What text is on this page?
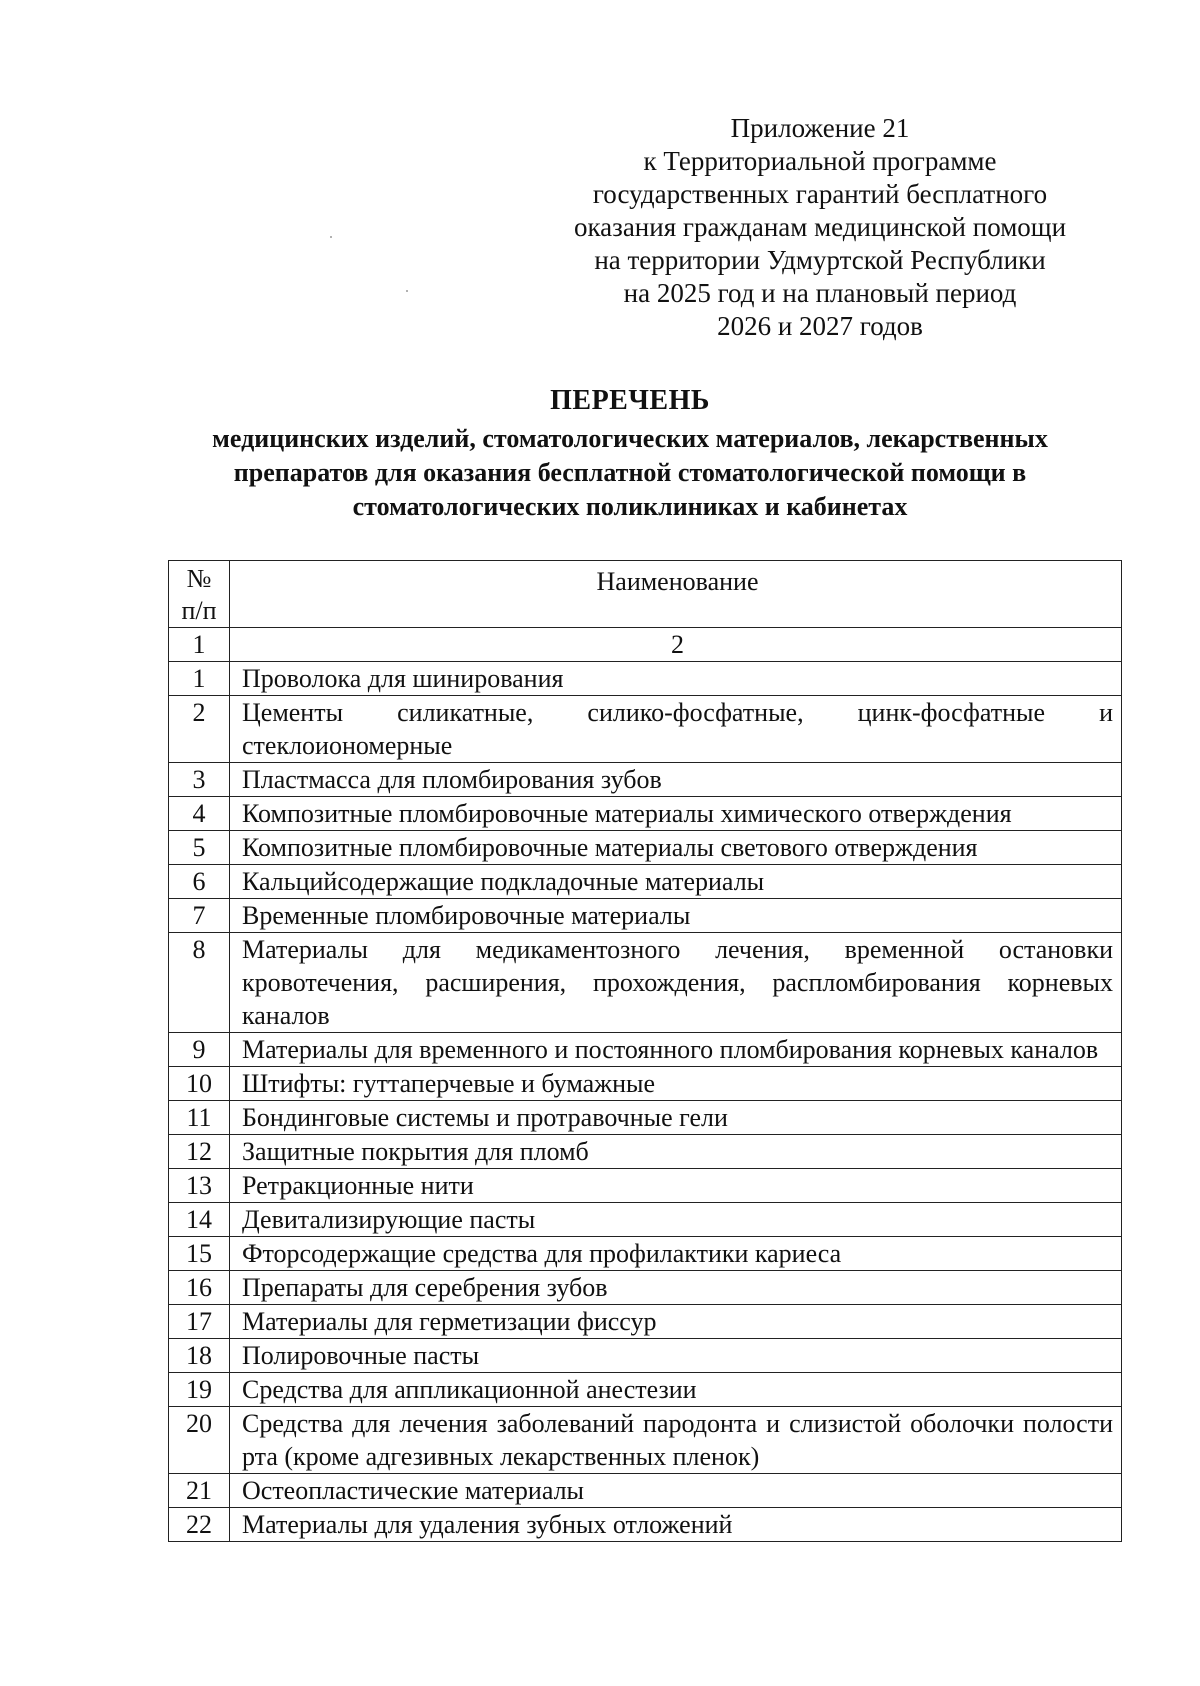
Приложение 21
к Территориальной программе
государственных гарантий бесплатного
оказания гражданам медицинской помощи
на территории Удмуртской Республики
на 2025 год и на плановый период
2026 и 2027 годов
ПЕРЕЧЕНЬ
медицинских изделий, стоматологических материалов, лекарственных
препаратов для оказания бесплатной стоматологической помощи в
стоматологических поликлиниках и кабинетах
№
п/п	Наименование
1	2
1	Проволока для шинирования
2	Цементы силикатные, силико-фосфатные, цинк-фосфатные и стеклоиономерные
3	Пластмасса для пломбирования зубов
4	Композитные пломбировочные материалы химического отверждения
5	Композитные пломбировочные материалы светового отверждения
6	Кальцийсодержащие подкладочные материалы
7	Временные пломбировочные материалы
8	Материалы для медикаментозного лечения, временной остановки кровотечения, расширения, прохождения, распломбирования корневых каналов
9	Материалы для временного и постоянного пломбирования корневых каналов
10	Штифты: гуттаперчевые и бумажные
11	Бондинговые системы и протравочные гели
12	Защитные покрытия для пломб
13	Ретракционные нити
14	Девитализирующие пасты
15	Фторсодержащие средства для профилактики кариеса
16	Препараты для серебрения зубов
17	Материалы для герметизации фиссур
18	Полировочные пасты
19	Средства для аппликационной анестезии
20	Средства для лечения заболеваний пародонта и слизистой оболочки полости рта (кроме адгезивных лекарственных пленок)
21	Остеопластические материалы
22	Материалы для удаления зубных отложений
